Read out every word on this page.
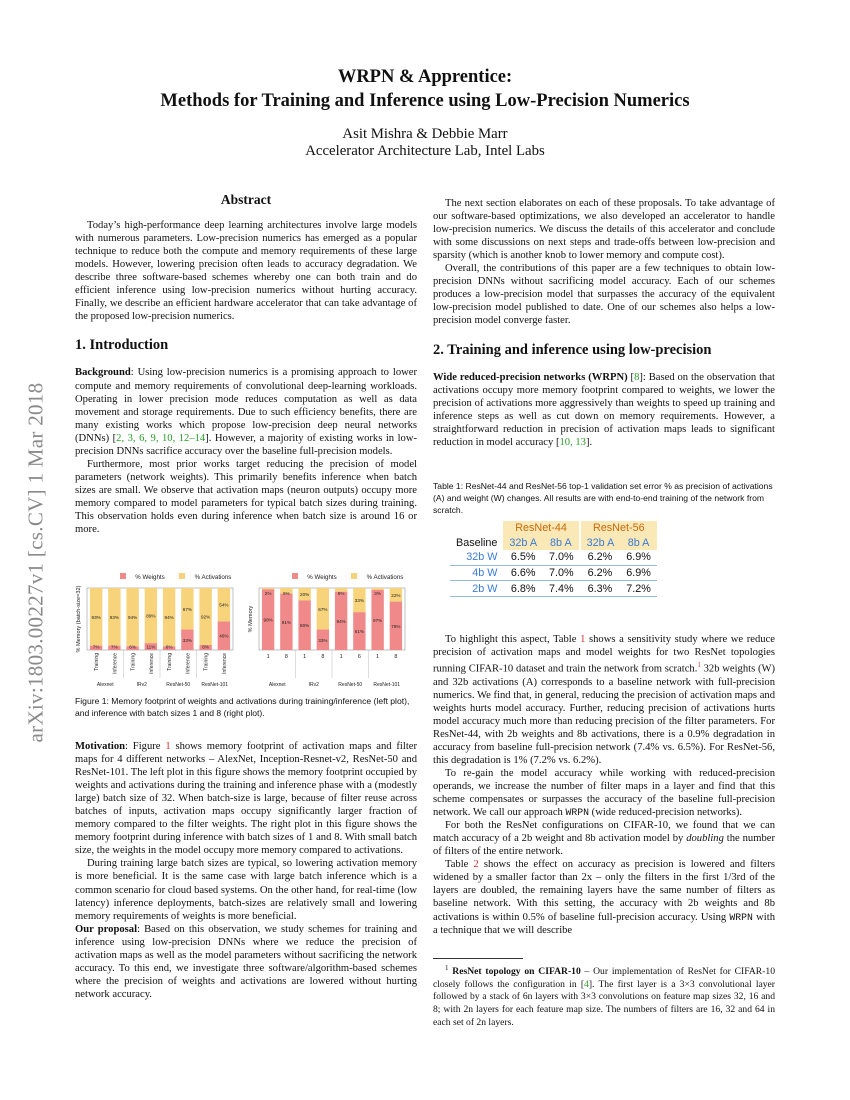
arXiv:1803.00227v1 [cs.CV] 1 Mar 2018
WRPN & Apprentice:
Methods for Training and Inference using Low-Precision Numerics
Asit Mishra & Debbie Marr
Accelerator Architecture Lab, Intel Labs

Abstract

Today’s high-performance deep learning architectures involve large models with numerous parameters. Low-precision numerics has emerged as a popular technique to reduce both the compute and memory requirements of these large models. However, lowering precision often leads to accuracy degradation. We describe three software-based schemes whereby one can both train and do efficient inference using low-precision numerics without hurting accuracy. Finally, we describe an efficient hardware accelerator that can take advantage of the proposed low-precision numerics.

1. Introduction

Background: Using low-precision numerics is a promising approach to lower compute and memory requirements of convolutional deep-learning workloads. Operating in lower precision mode reduces computation as well as data movement and storage requirements. Due to such efficiency benefits, there are many existing works which propose low-precision deep neural networks (DNNs) [2, 3, 6, 9, 10, 12–14]. However, a majority of existing works in low-precision DNNs sacrifice accuracy over the baseline full-precision models.

Furthermore, most prior works target reducing the precision of model parameters (network weights). This primarily benefits inference when batch sizes are small. We observe that activation maps (neuron outputs) occupy more memory compared to model parameters for typical batch sizes during training. This observation holds even during inference when batch size is around 16 or more.

% Weights	% Activations
% Memory (batch-size=32) 93%
7%
Training
93%
7%
Inference
94%
6%
Training
89%
11%
Inference
94%
6%
Training
67%
33%
Inference
92%
8%
Training
54%
46%
Inference
Alexnet	IRv2	ResNet-50 ResNet-101
% Weights	% Activations
% Memory
2%
98%
1
9%
91%
8
20%
80%
1
67%
33%
8
6%
94%
1
33%
61%
6
3%
97%
1
22%
78%
8
Alexnet	IRv2	ResNet-50 ResNet-101
Figure 1: Memory footprint of weights and activations during training/inference (left plot), and inference with batch sizes 1 and 8 (right plot).

Motivation: Figure 1 shows memory footprint of activation maps and filter maps for 4 different networks – AlexNet, Inception-Resnet-v2, ResNet-50 and ResNet-101. The left plot in this figure shows the memory footprint occupied by weights and activations during the training and inference phase with a (modestly large) batch size of 32. When batch-size is large, because of filter reuse across batches of inputs, activation maps occupy significantly larger fraction of memory compared to the filter weights. The right plot in this figure shows the memory footprint during inference with batch sizes of 1 and 8. With small batch size, the weights in the model occupy more memory compared to activations.

During training large batch sizes are typical, so lowering activation memory is more beneficial. It is the same case with large batch inference which is a common scenario for cloud based systems. On the other hand, for real-time (low latency) inference deployments, batch-sizes are relatively small and lowering memory requirements of weights is more beneficial.

Our proposal: Based on this observation, we study schemes for training and inference using low-precision DNNs where we reduce the precision of activation maps as well as the model parameters without sacrificing the network accuracy. To this end, we investigate three software/algorithm-based schemes where the precision of weights and activations are lowered without hurting network accuracy.

The next section elaborates on each of these proposals. To take advantage of our software-based optimizations, we also developed an accelerator to handle low-precision numerics. We discuss the details of this accelerator and conclude with some discussions on next steps and trade-offs between low-precision and sparsity (which is another knob to lower memory and compute cost).

Overall, the contributions of this paper are a few techniques to obtain low-precision DNNs without sacrificing model accuracy. Each of our schemes produces a low-precision model that surpasses the accuracy of the equivalent low-precision model published to date. One of our schemes also helps a low-precision model converge faster.

2. Training and inference using low-precision

Wide reduced-precision networks (WRPN) [8]: Based on the observation that activations occupy more memory footprint compared to weights, we lower the precision of activations more aggressively than weights to speed up training and inference steps as well as cut down on memory requirements. However, a straightforward reduction in precision of activation maps leads to significant reduction in model accuracy [10, 13].

Table 1: ResNet-44 and ResNet-56 top-1 validation set error % as precision of activations (A) and weight (W) changes. All results are with end-to-end training of the network from scratch.
	ResNet-44		ResNet-56	
Baseline	32b A	8b A	32b A	8b A
32b W	6.5%	7.0%	6.2%	6.9%
4b W	6.6%	7.0%	6.2%	6.9%
2b W	6.8%	7.4%	6.3%	7.2%

To highlight this aspect, Table 1 shows a sensitivity study where we reduce precision of activation maps and model weights for two ResNet topologies running CIFAR-10 dataset and train the network from scratch.$^1$ 32b weights (W) and 32b activations (A) corresponds to a baseline network with full-precision numerics. We find that, in general, reducing the precision of activation maps and weights hurts model accuracy. Further, reducing precision of activations hurts model accuracy much more than reducing precision of the filter parameters. For ResNet-44, with 2b weights and 8b activations, there is a 0.9% degradation in accuracy from baseline full-precision network (7.4% vs. 6.5%). For ResNet-56, this degradation is 1% (7.2% vs. 6.2%).

To re-gain the model accuracy while working with reduced-precision operands, we increase the number of filter maps in a layer and find that this scheme compensates or surpasses the accuracy of the baseline full-precision network. We call our approach WRPN (wide reduced-precision networks).

For both the ResNet configurations on CIFAR-10, we found that we can match accuracy of a 2b weight and 8b activation model by doubling the number of filters of the entire network.

Table 2 shows the effect on accuracy as precision is lowered and filters widened by a smaller factor than 2x – only the filters in the first 1/3rd of the layers are doubled, the remaining layers have the same number of filters as baseline network. With this setting, the accuracy with 2b weights and 8b activations is within 0.5% of baseline full-precision accuracy. Using WRPN with a technique that we will describe

$^1$ ResNet topology on CIFAR-10 – Our implementation of ResNet for CIFAR-10 closely follows the configuration in [4]. The first layer is a 3×3 convolutional layer followed by a stack of 6n layers with 3×3 convolutions on feature map sizes 32, 16 and 8; with 2n layers for each feature map size. The numbers of filters are 16, 32 and 64 in each set of 2n layers.
